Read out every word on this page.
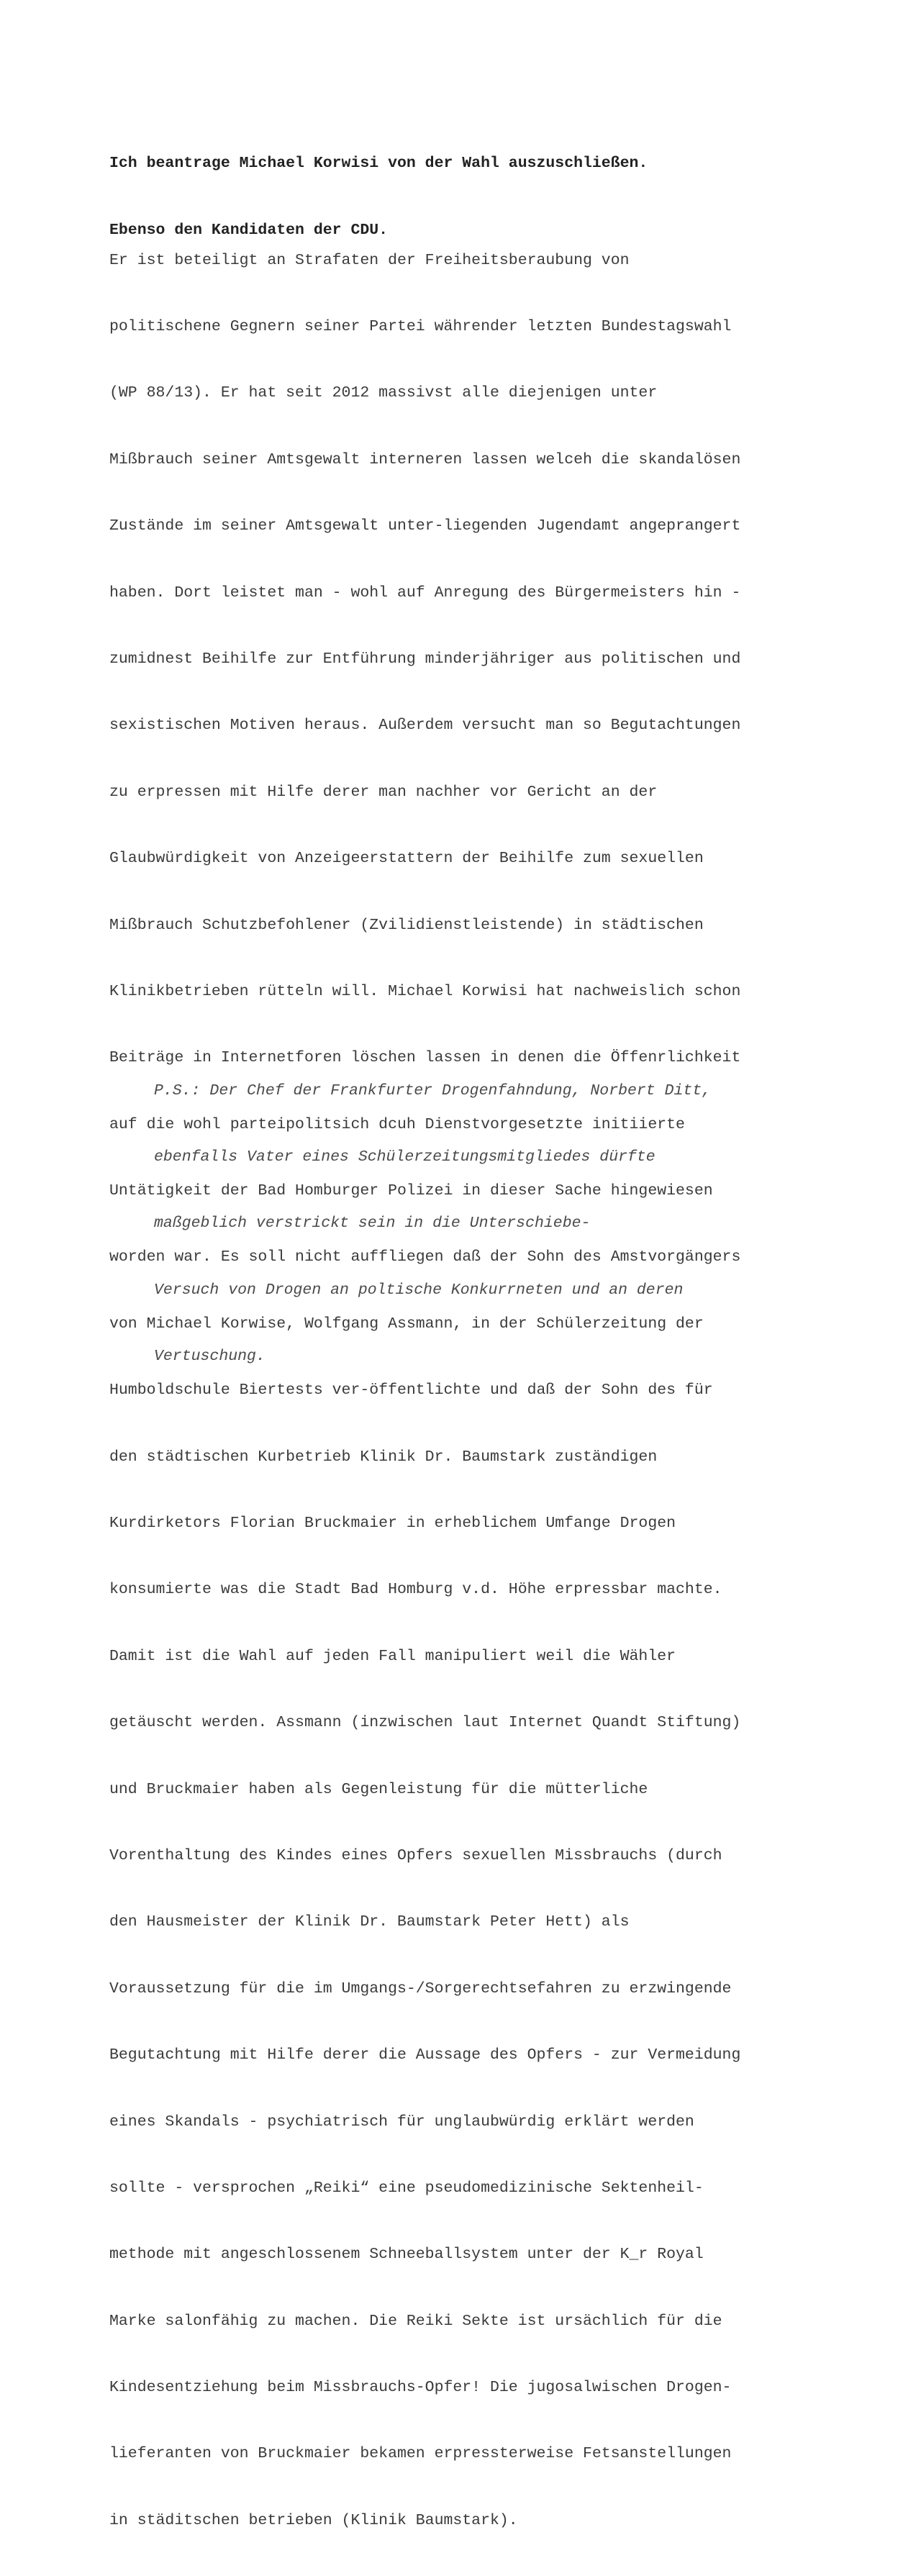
Ich beantrage Michael Korwisi von der Wahl auszuschließen.

Ebenso den Kandidaten der CDU.

Er ist beteiligt an Strafaten der Freiheitsberaubung von

politischene Gegnern seiner Partei währender letzten Bundestagswahl

(WP 88/13). Er hat seit 2012 massivst alle diejenigen unter

Mißbrauch seiner Amtsgewalt interneren lassen welceh die skandalösen

Zustände im seiner Amtsgewalt unter-liegenden Jugendamt angeprangert

haben. Dort leistet man - wohl auf Anregung des Bürgermeisters hin -

zumidnest Beihilfe zur Entführung minderjähriger aus politischen und

sexistischen Motiven heraus. Außerdem versucht man so Begutachtungen

zu erpressen mit Hilfe derer man nachher vor Gericht an der

Glaubwürdigkeit von Anzeigeerstattern der Beihilfe zum sexuellen

Mißbrauch Schutzbefohlener (Zvilidienstleistende) in städtischen

Klinikbetrieben rütteln will. Michael Korwisi hat nachweislich schon

Beiträge in Internetforen löschen lassen in denen die Öffenrlichkeit

auf die wohl parteipolitsich dcuh Dienstvorgesetzte initiierte

Untätigkeit der Bad Homburger Polizei in dieser Sache hingewiesen

worden war. Es soll nicht auffliegen daß der Sohn des Amstvorgängers

von Michael Korwise, Wolfgang Assmann, in der Schülerzeitung der

Humboldschule Biertests ver-öffentlichte und daß der Sohn des für

den städtischen Kurbetrieb Klinik Dr. Baumstark zuständigen

Kurdirketors Florian Bruckmaier in erheblichem Umfange Drogen

konsumierte was die Stadt Bad Homburg v.d. Höhe erpressbar machte.

Damit ist die Wahl auf jeden Fall manipuliert weil die Wähler

getäuscht werden. Assmann (inzwischen laut Internet Quandt Stiftung)

und Bruckmaier haben als Gegenleistung für die mütterliche

Vorenthaltung des Kindes eines Opfers sexuellen Missbrauchs (durch

den Hausmeister der Klinik Dr. Baumstark Peter Hett) als

Voraussetzung für die im Umgangs-/Sorgerechtsefahren zu erzwingende

Begutachtung mit Hilfe derer die Aussage des Opfers - zur Vermeidung

eines Skandals - psychiatrisch für unglaubwürdig erklärt werden

sollte - versprochen „Reiki“ eine pseudomedizinische Sektenheil-

methode mit angeschlossenem Schneeballsystem unter der K_r Royal

Marke salonfähig zu machen. Die Reiki Sekte ist ursächlich für die

Kindesentziehung beim Missbrauchs-Opfer! Die jugosalwischen Drogen-

lieferanten von Bruckmaier bekamen erpressterweise Fetsanstellungen

in städitschen betrieben (Klinik Baumstark).

P.S.: Der Chef der Frankfurter Drogenfahndung, Norbert Ditt,

ebenfalls Vater eines Schülerzeitungsmitgliedes dürfte

maßgeblich verstrickt sein in die Unterschiebe-

Versuch von Drogen an poltische Konkurrneten und an deren

Vertuschung.
